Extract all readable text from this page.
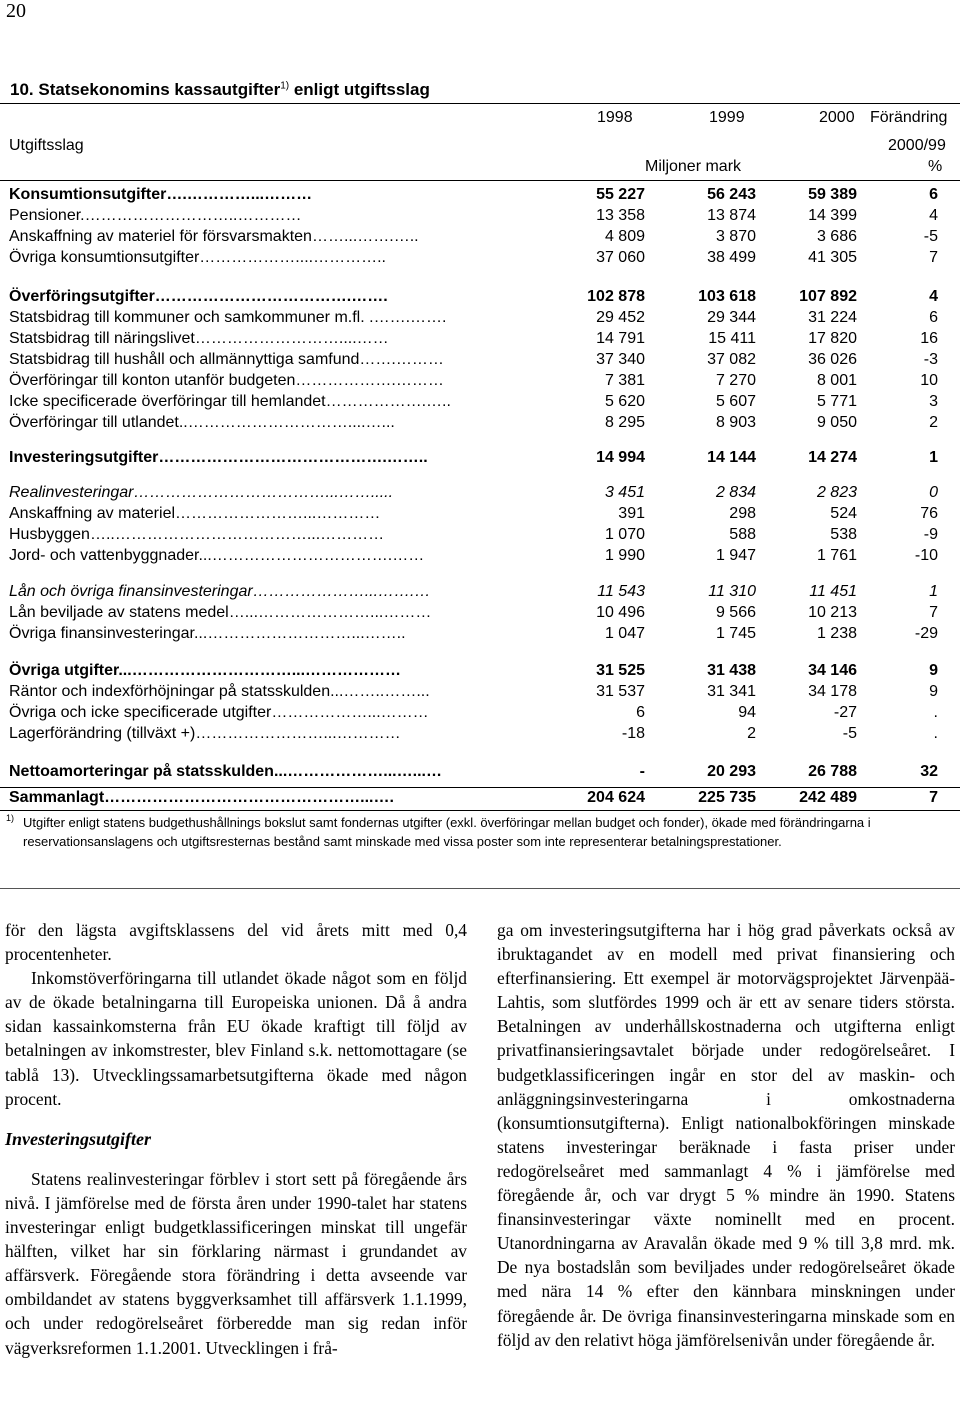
20
10. Statsekonomins kassautgifter$^{1)}$ enligt utgiftsslag
1998	1999	2000 Förändring
Utgiftsslag	2000/99
Miljoner mark	%
Konsumtionsutgifter….…………...………	55 227	56 243	59 389	6
Pensioner.………………………..…………	13 358	13 874	14 399	4
Anskaffning av materiel för försvarsmakten……...…….…..	4 809	3 870	3 686	-5
Övriga konsumtionsutgifter………………....…………..	37 060	38 499	41 305	7
Överföringsutgifter……………………………….…….	102 878	103 618	107 892	4
Statsbidrag till kommuner och samkommuner m.fl. .…….…….	29 452	29 344	31 224	6
Statsbidrag till näringslivet………………………....……	14 791	15 411	17 820	16
Statsbidrag till hushåll och allmännyttiga samfund…….………	37 340	37 082	36 026	-3
Överföringar till konton utanför budgeten……………….………	7 381	7 270	8 001	10
Icke specificerade överföringar till hemlandet……………….…..	5 620	5 607	5 771	3
Överföringar till utlandet..…………………………....…...	8 295	8 903	9 050	2
Investeringsutgifter…………………………………….……..	14 994	14 144	14 274	1
Realinvesteringar………………………………...…….....	3 451	2 834	2 823	0
Anskaffning av materiel……………………...…………	391	298	524	76
Husbyggen…..………………………………...…………	1 070	588	538	-9
Jord- och vattenbyggnader...…………………………….……	1 990	1 947	1 761	-10
Lån och övriga finansinvesteringar…………………...…….…	11 543	11 310	11 451	1
Lån beviljade av statens medel…...…………………...………	10 496	9 566	10 213	7
Övriga finansinvesteringar...………………………...……..	1 047	1 745	1 238	-29
Övriga utgifter...…………………………...………………	31 525	31 438	34 146	9
Räntor och indexförhöjningar på statsskulden...……..……...	31 537	31 341	34 178	9
Övriga och icke specificerade utgifter………………...………	6	94	-27	.
Lagerförändring (tillväxt +)……………………...…………	-18	2	-5	.
Nettoamorteringar på statsskulden...………………...…...…	-	20 293	26 788	32
Sammanlagt…………………………………………...….	204 624	225 735	242 489	7
1) Utgifter enligt statens budgethushållnings bokslut samt fondernas utgifter (exkl. överföringar mellan budget och fonder), ökade med förändringarna i reservationsanslagens och utgiftsresternas bestånd samt minskade med vissa poster som inte representerar betalningsprestationer.

för den lägsta avgiftsklassens del vid årets mitt med 0,4 procentenheter.

Inkomstöverföringarna till utlandet ökade något som en följd av de ökade betalningarna till Europeiska unionen. Då å andra sidan kassainkomsterna från EU ökade kraftigt till följd av betalningen av inkomstrester, blev Finland s.k. nettomottagare (se tablå 13). Utvecklingssamarbetsutgifterna ökade med någon procent.

Investeringsutgifter

Statens realinvesteringar förblev i stort sett på föregående års nivå. I jämförelse med de första åren under 1990-talet har statens investeringar enligt budgetklassificeringen minskat till ungefär hälften, vilket har sin förklaring närmast i grundandet av affärsverk. Föregående stora förändring i detta avseende var ombildandet av statens byggverksamhet till affärsverk 1.1.1999, och under redogörelseåret förberedde man sig redan inför vägverksreformen 1.1.2001. Utvecklingen i frå-

ga om investeringsutgifterna har i hög grad påverkats också av ibruktagandet av en modell med privat finansiering och efterfinansiering. Ett exempel är motorvägsprojektet Järvenpää-Lahtis, som slutfördes 1999 och är ett av senare tiders största. Betalningen av underhållskostnaderna och utgifterna enligt privatfinansieringsavtalet började under redogörelseåret. I budgetklassificeringen ingår en stor del av maskin- och anläggningsinvesteringarna i omkostnaderna (konsumtionsutgifterna). Enligt nationalbokföringen minskade statens investeringar beräknade i fasta priser under redogörelseåret med sammanlagt 4 % i jämförelse med föregående år, och var drygt 5 % mindre än 1990. Statens finansinvesteringar växte nominellt med en procent. Utanordningarna av Aravalån ökade med 9 % till 3,8 mrd. mk. De nya bostadslån som beviljades under redogörelseåret ökade med nära 14 % efter den kännbara minskningen under föregående år. De övriga finansinvesteringarna minskade som en följd av den relativt höga jämförelsenivån under föregående år.
